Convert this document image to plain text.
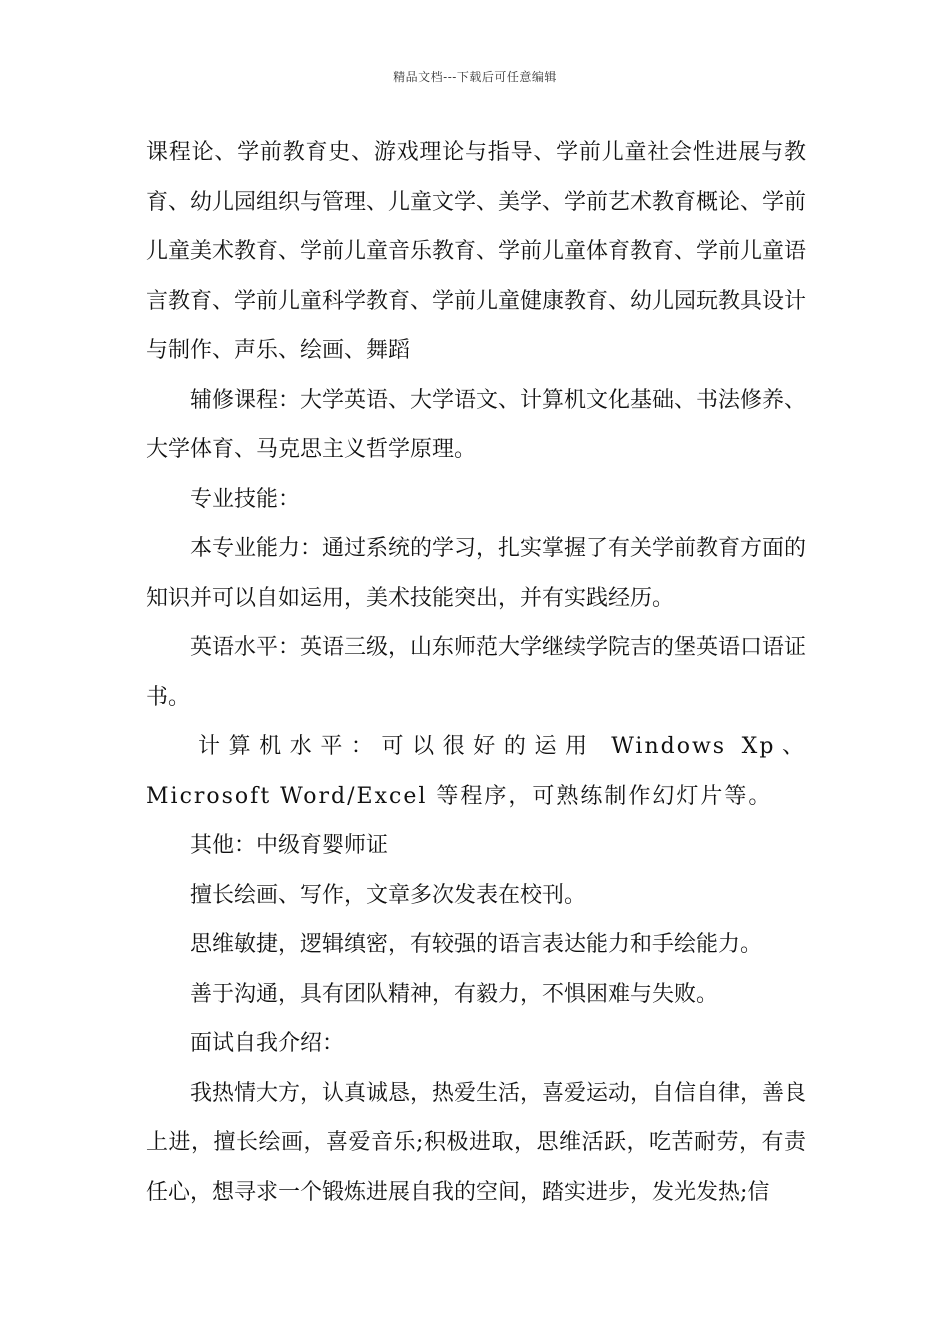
精品文档---下载后可任意编辑

课程论、学前教育史、游戏理论与指导、学前儿童社会性进展与教育、幼儿园组织与管理、儿童文学、美学、学前艺术教育概论、学前儿童美术教育、学前儿童音乐教育、学前儿童体育教育、学前儿童语言教育、学前儿童科学教育、学前儿童健康教育、幼儿园玩教具设计与制作、声乐、绘画、舞蹈

辅修课程：大学英语、大学语文、计算机文化基础、书法修养、大学体育、马克思主义哲学原理。

专业技能：

本专业能力：通过系统的学习，扎实掌握了有关学前教育方面的知识并可以自如运用，美术技能突出，并有实践经历。

英语水平：英语三级，山东师范大学继续学院吉的堡英语口语证书。

计算机水平：可以很好的运用 Windows Xp、Microsoft Word/Excel 等程序，可熟练制作幻灯片等。

其他：中级育婴师证

擅长绘画、写作，文章多次发表在校刊。

思维敏捷，逻辑缜密，有较强的语言表达能力和手绘能力。

善于沟通，具有团队精神，有毅力，不惧困难与失败。

面试自我介绍：

我热情大方，认真诚恳，热爱生活，喜爱运动，自信自律，善良上进，擅长绘画，喜爱音乐;积极进取，思维活跃，吃苦耐劳，有责任心，想寻求一个锻炼进展自我的空间，踏实进步，发光发热;信
